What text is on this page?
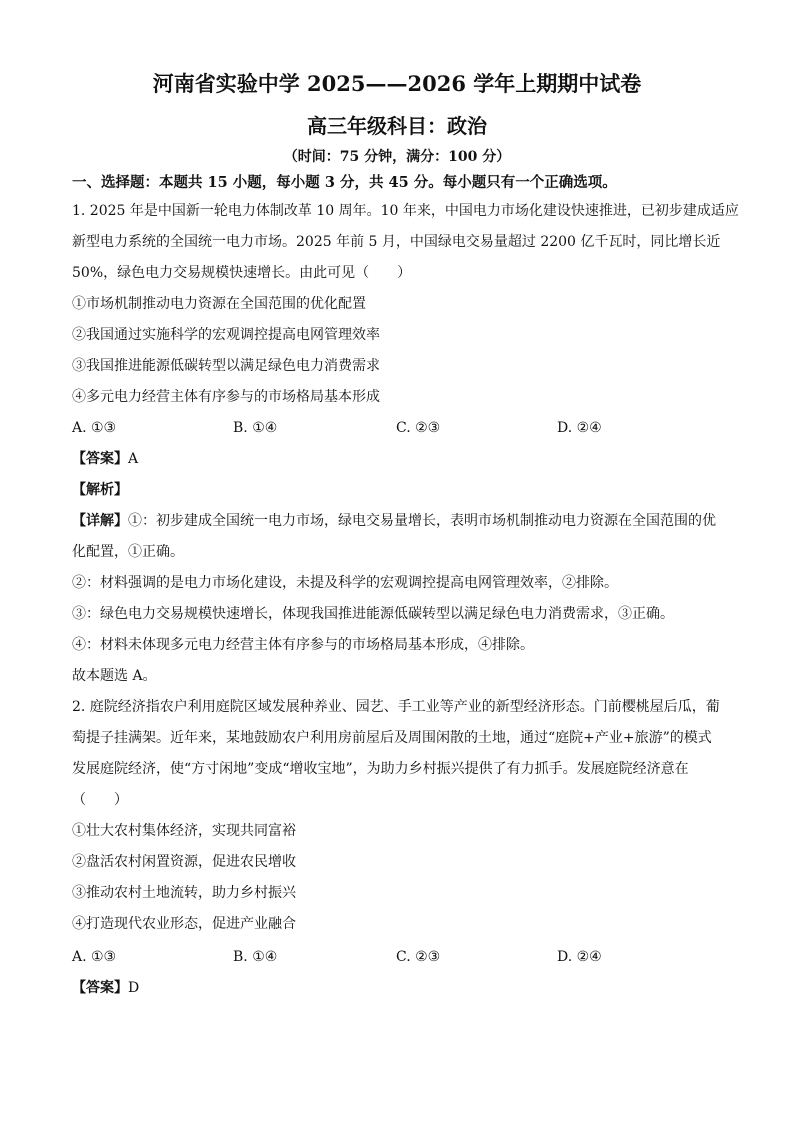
河南省实验中学 2025——2026 学年上期期中试卷
高三年级科目：政治
（时间：75 分钟，满分：100 分）
一、选择题：本题共 15 小题，每小题 3 分，共 45 分。每小题只有一个正确选项。
1. 2025 年是中国新一轮电力体制改革 10 周年。10 年来，中国电力市场化建设快速推进，已初步建成适应
新型电力系统的全国统一电力市场。2025 年前 5 月，中国绿电交易量超过 2200 亿千瓦时，同比增长近
50%，绿色电力交易规模快速增长。由此可见（　　）
①市场机制推动电力资源在全国范围的优化配置
②我国通过实施科学的宏观调控提高电网管理效率
③我国推进能源低碳转型以满足绿色电力消费需求
④多元电力经营主体有序参与的市场格局基本形成
A. ①③	B. ①④	C. ②③	D. ②④
【答案】A
【解析】
【详解】①：初步建成全国统一电力市场，绿电交易量增长，表明市场机制推动电力资源在全国范围的优
化配置，①正确。
②：材料强调的是电力市场化建设，未提及科学的宏观调控提高电网管理效率，②排除。
③：绿色电力交易规模快速增长，体现我国推进能源低碳转型以满足绿色电力消费需求，③正确。
④：材料未体现多元电力经营主体有序参与的市场格局基本形成，④排除。
故本题选 A。
2. 庭院经济指农户利用庭院区域发展种养业、园艺、手工业等产业的新型经济形态。门前樱桃屋后瓜，葡
萄提子挂满架。近年来，某地鼓励农户利用房前屋后及周围闲散的土地，通过“庭院+产业+旅游”的模式
发展庭院经济，使“方寸闲地”变成“增收宝地”，为助力乡村振兴提供了有力抓手。发展庭院经济意在
（　　）
①壮大农村集体经济，实现共同富裕
②盘活农村闲置资源，促进农民增收
③推动农村土地流转，助力乡村振兴
④打造现代农业形态，促进产业融合
A. ①③	B. ①④	C. ②③	D. ②④
【答案】D
